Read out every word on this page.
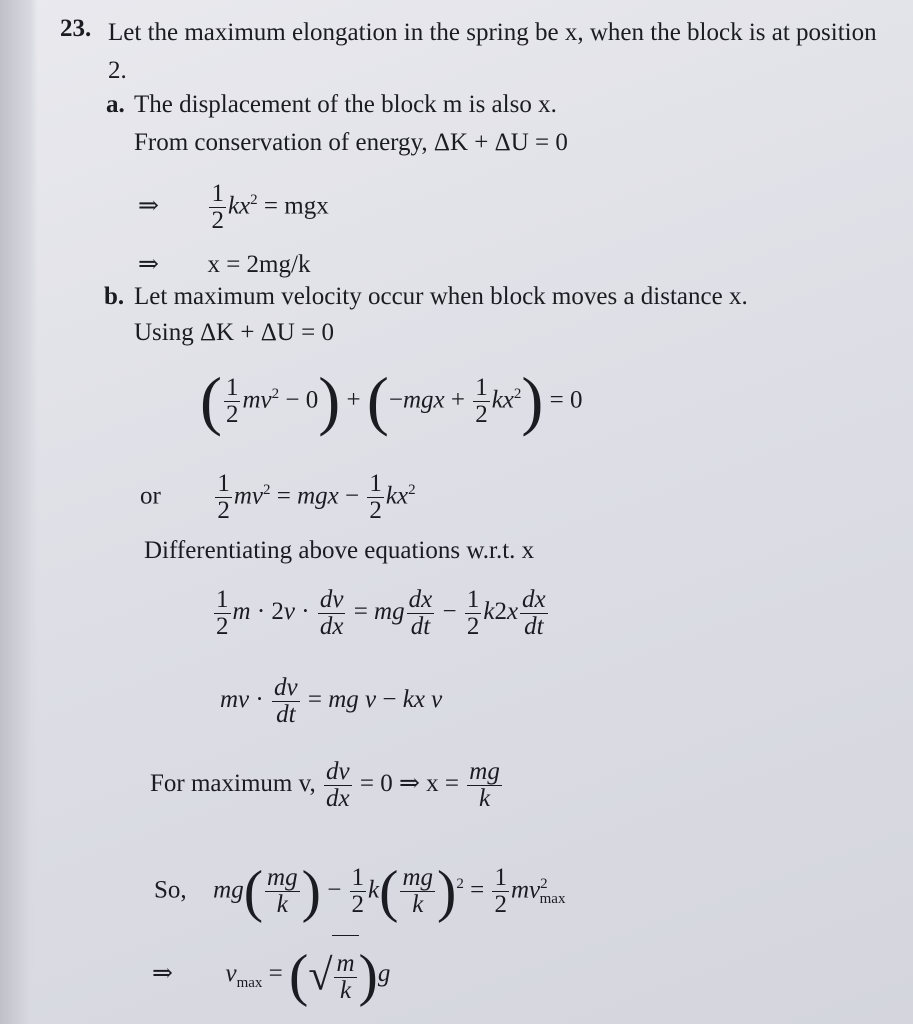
23. Let the maximum elongation in the spring be x, when the block is at position 2.
a. The displacement of the block m is also x.
From conservation of energy, ΔK + ΔU = 0
⇒ $\frac{1}{2} kx^2$ = mgx
⇒ x = 2mg/k
b. Let maximum velocity occur when block moves a distance x.
Using ΔK + ΔU = 0
( $\frac{1}{2} mv^2 - 0) + (-mgx + \frac{1}{2} kx^2) = 0$
or $\frac{1}{2} mv^2$ = mgx − $\frac{1}{2} kx^2$
Differentiating above equations w.r.t. x
$\frac{1}{2}$ $m \cdot 2v \cdot \frac{dv}{dx}$ = mg $\frac{dx}{dt} - \frac{1}{2} k2x \frac{dx}{dt}$
mv · $\frac{dv}{dt}$ = mg v − kx v
For maximum v, $\frac{dv}{dx} = 0$ ⇒ $x = \frac{mg}{k}$
So, $mg( \frac{mg}{k}$ ) − $\frac{1}{2} k( \frac{mg}{k} )^2 = \frac{1}{2} mv^2_{max}$
⇒ $v_{max}$ = (√ $\frac{m}{k} )g$
